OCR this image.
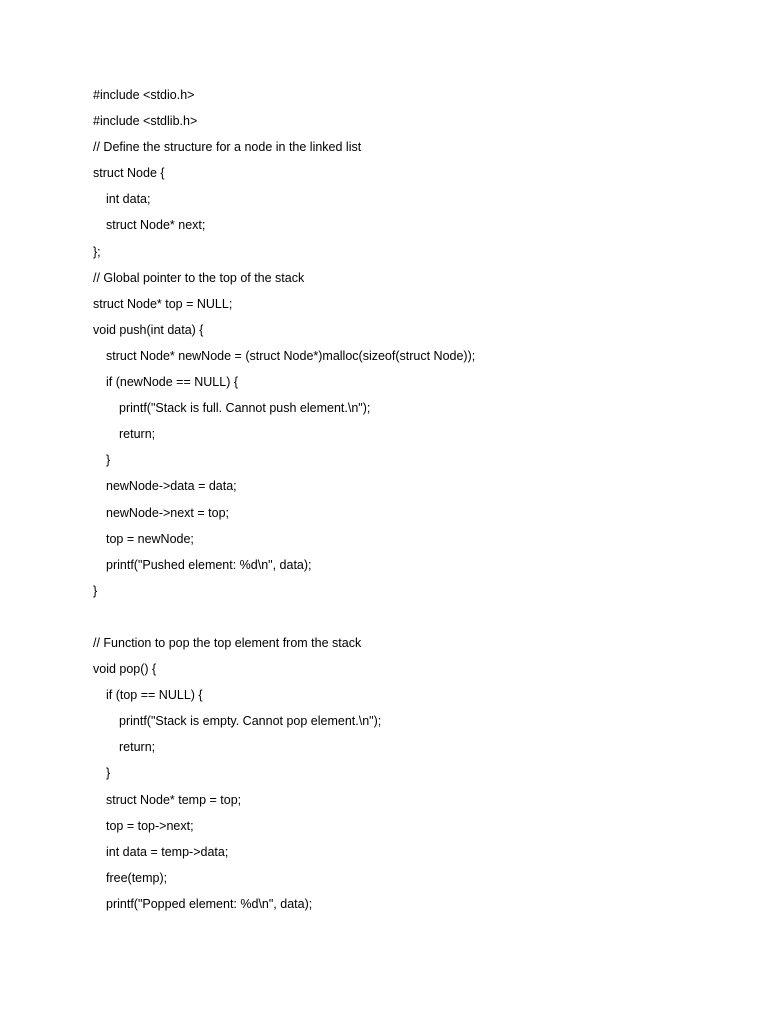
#include <stdio.h>
#include <stdlib.h>
// Define the structure for a node in the linked list
struct Node {
int data;
struct Node* next;
};
// Global pointer to the top of the stack
struct Node* top = NULL;
void push(int data) {
struct Node* newNode = (struct Node*)malloc(sizeof(struct Node));
if (newNode == NULL) {
printf("Stack is full. Cannot push element.\n");
return;
}
newNode->data = data;
newNode->next = top;
top = newNode;
printf("Pushed element: %d\n", data);
}
// Function to pop the top element from the stack
void pop() {
if (top == NULL) {
printf("Stack is empty. Cannot pop element.\n");
return;
}
struct Node* temp = top;
top = top->next;
int data = temp->data;
free(temp);
printf("Popped element: %d\n", data);
